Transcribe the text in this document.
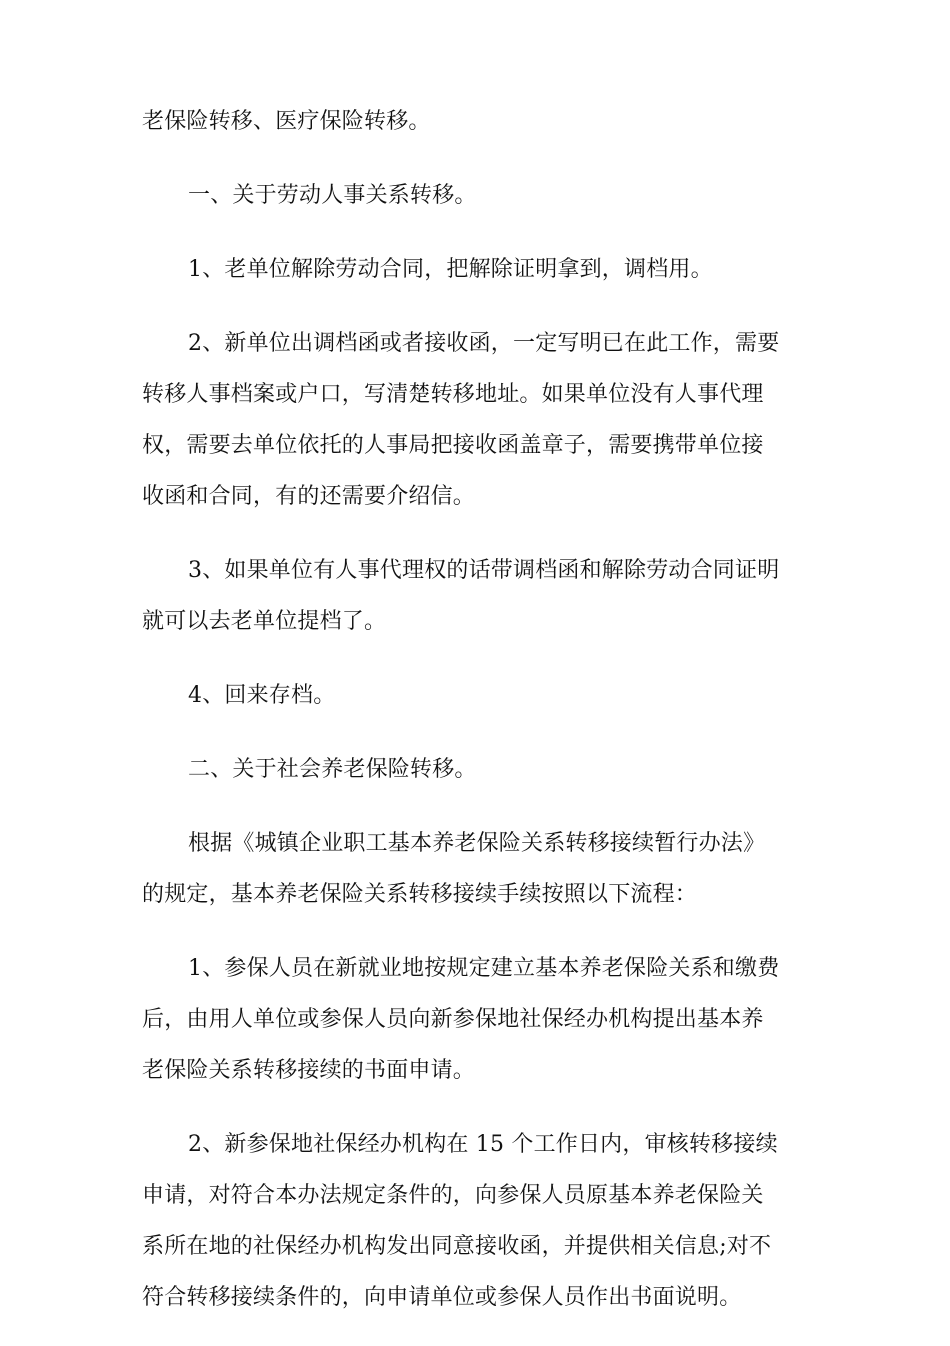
老保险转移、医疗保险转移。

一、关于劳动人事关系转移。

1、老单位解除劳动合同，把解除证明拿到，调档用。

2、新单位出调档函或者接收函，一定写明已在此工作，需要
转移人事档案或户口，写清楚转移地址。如果单位没有人事代理
权，需要去单位依托的人事局把接收函盖章子，需要携带单位接
收函和合同，有的还需要介绍信。

3、如果单位有人事代理权的话带调档函和解除劳动合同证明
就可以去老单位提档了。

4、回来存档。

二、关于社会养老保险转移。

根据《城镇企业职工基本养老保险关系转移接续暂行办法》
的规定，基本养老保险关系转移接续手续按照以下流程：

1、参保人员在新就业地按规定建立基本养老保险关系和缴费
后，由用人单位或参保人员向新参保地社保经办机构提出基本养
老保险关系转移接续的书面申请。

2、新参保地社保经办机构在 15 个工作日内，审核转移接续
申请，对符合本办法规定条件的，向参保人员原基本养老保险关
系所在地的社保经办机构发出同意接收函，并提供相关信息;对不
符合转移接续条件的，向申请单位或参保人员作出书面说明。
